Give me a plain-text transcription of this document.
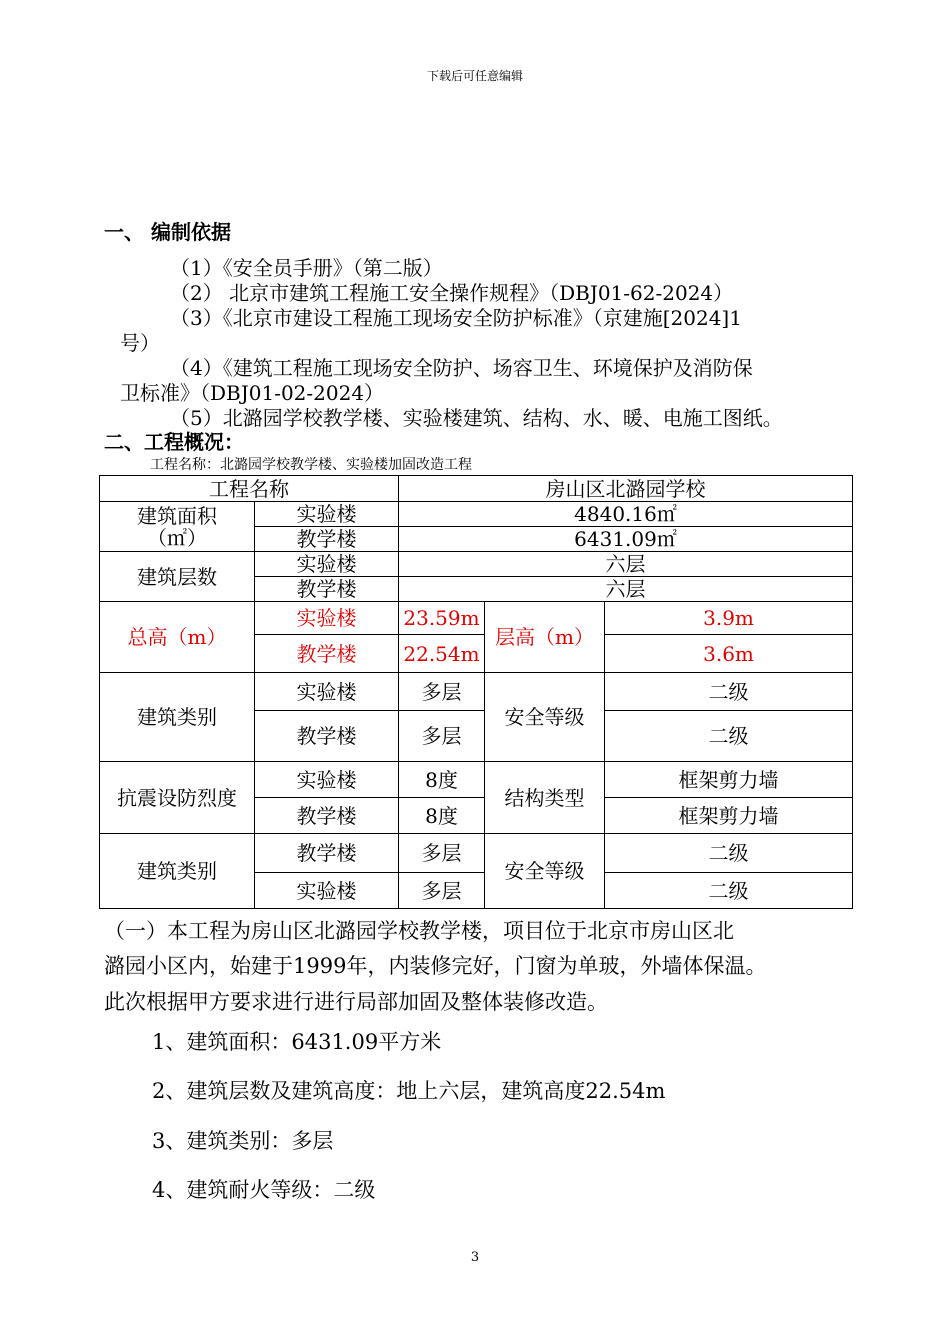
下载后可任意编辑
一、 编制依据
（1）《安全员手册》（第二版）
（2） 北京市建筑工程施工安全操作规程》（DBJ01-62-2024）
（3）《北京市建设工程施工现场安全防护标准》（京建施[2024]1
号）
（4）《建筑工程施工现场安全防护、场容卫生、环境保护及消防保
卫标准》（DBJ01-02-2024）
（5）北潞园学校教学楼、实验楼建筑、结构、水、暖、电施工图纸。
二、工程概况：
工程名称：北潞园学校教学楼、实验楼加固改造工程
工程名称		房山区北潞园学校		
建筑面积
（㎡）	实验楼	4840.16㎡		
	教学楼	6431.09㎡		
建筑层数	实验楼	六层		
	教学楼	六层		
总高（m）	实验楼	23.59m	层高（m）	3.9m
	教学楼	22.54m		3.6m
建筑类别	实验楼	多层	安全等级	二级
	教学楼	多层		二级
抗震设防烈度	实验楼	8度	结构类型	框架剪力墙
	教学楼	8度		框架剪力墙
建筑类别	教学楼	多层	安全等级	二级
	实验楼	多层		二级
（一）本工程为房山区北潞园学校教学楼，项目位于北京市房山区北
潞园小区内，始建于1999年，内装修完好，门窗为单玻，外墙体保温。
此次根据甲方要求进行进行局部加固及整体装修改造。
1、建筑面积：6431.09平方米
2、建筑层数及建筑高度：地上六层，建筑高度22.54m
3、建筑类别：多层
4、建筑耐火等级：二级
3
